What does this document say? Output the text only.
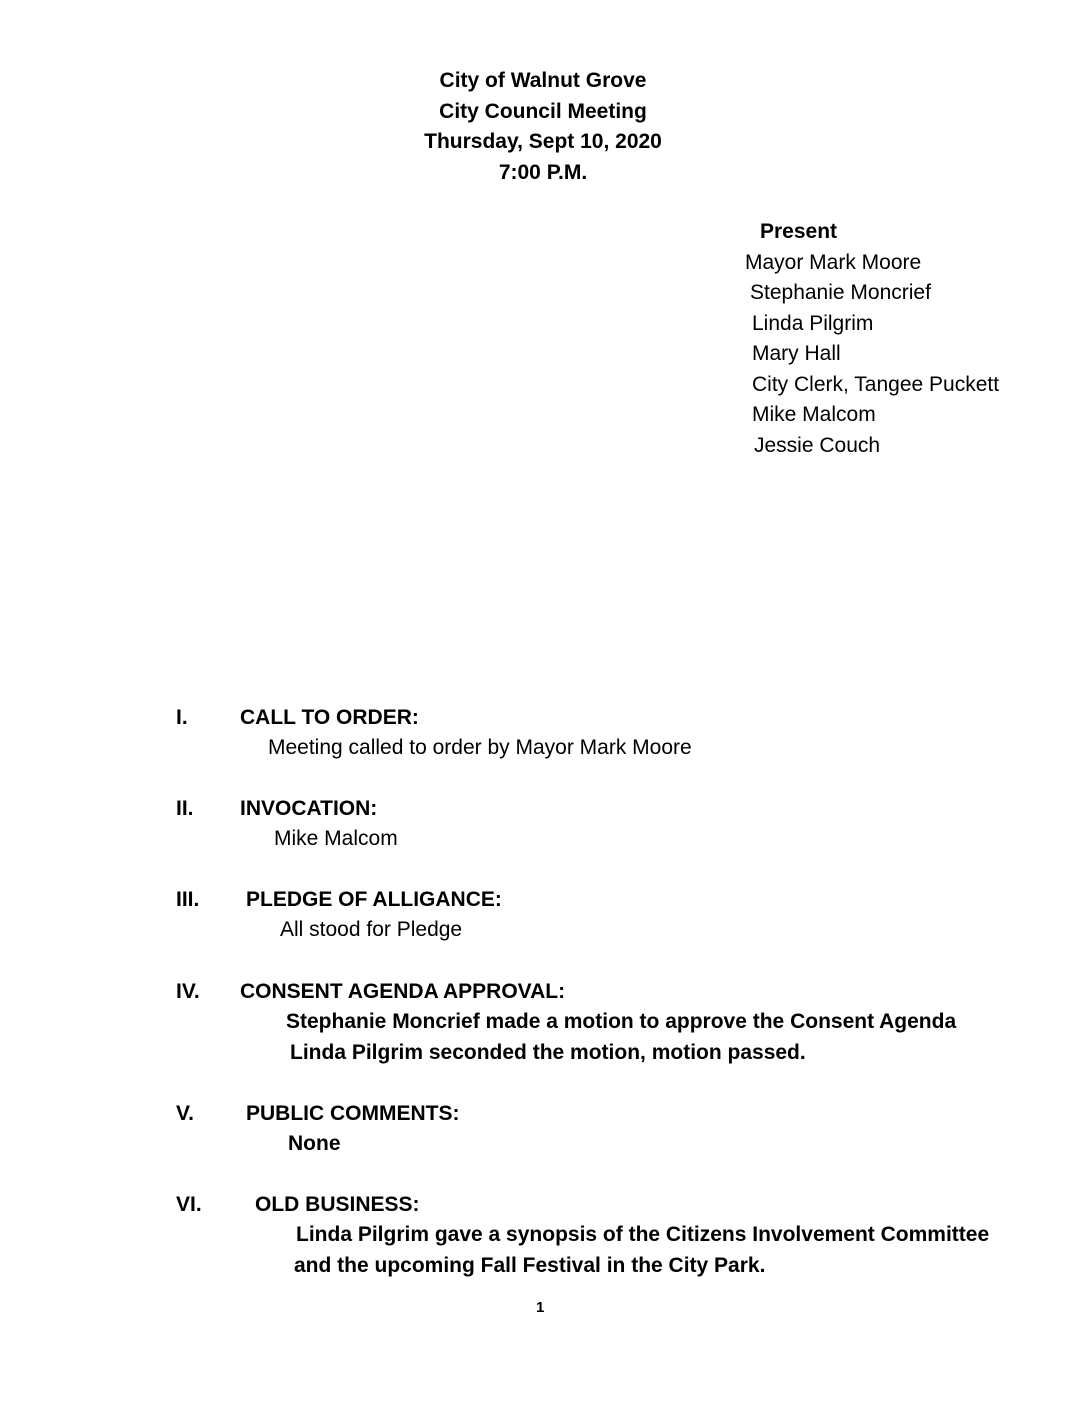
City of Walnut Grove
City Council Meeting
Thursday, Sept 10, 2020
7:00 P.M.
Present
Mayor Mark Moore
Stephanie Moncrief
Linda Pilgrim
Mary Hall
City Clerk, Tangee Puckett
Mike Malcom
Jessie Couch
I. CALL TO ORDER:
Meeting called to order by Mayor Mark Moore
II. INVOCATION:
Mike Malcom
III. PLEDGE OF ALLIGANCE:
All stood for Pledge
IV. CONSENT AGENDA APPROVAL:
Stephanie Moncrief made a motion to approve the Consent Agenda
Linda Pilgrim seconded the motion, motion passed.
V. PUBLIC COMMENTS:
None
VI.	OLD BUSINESS:
Linda Pilgrim gave a synopsis of the Citizens Involvement Committee
and the upcoming Fall Festival in the City Park.
1
